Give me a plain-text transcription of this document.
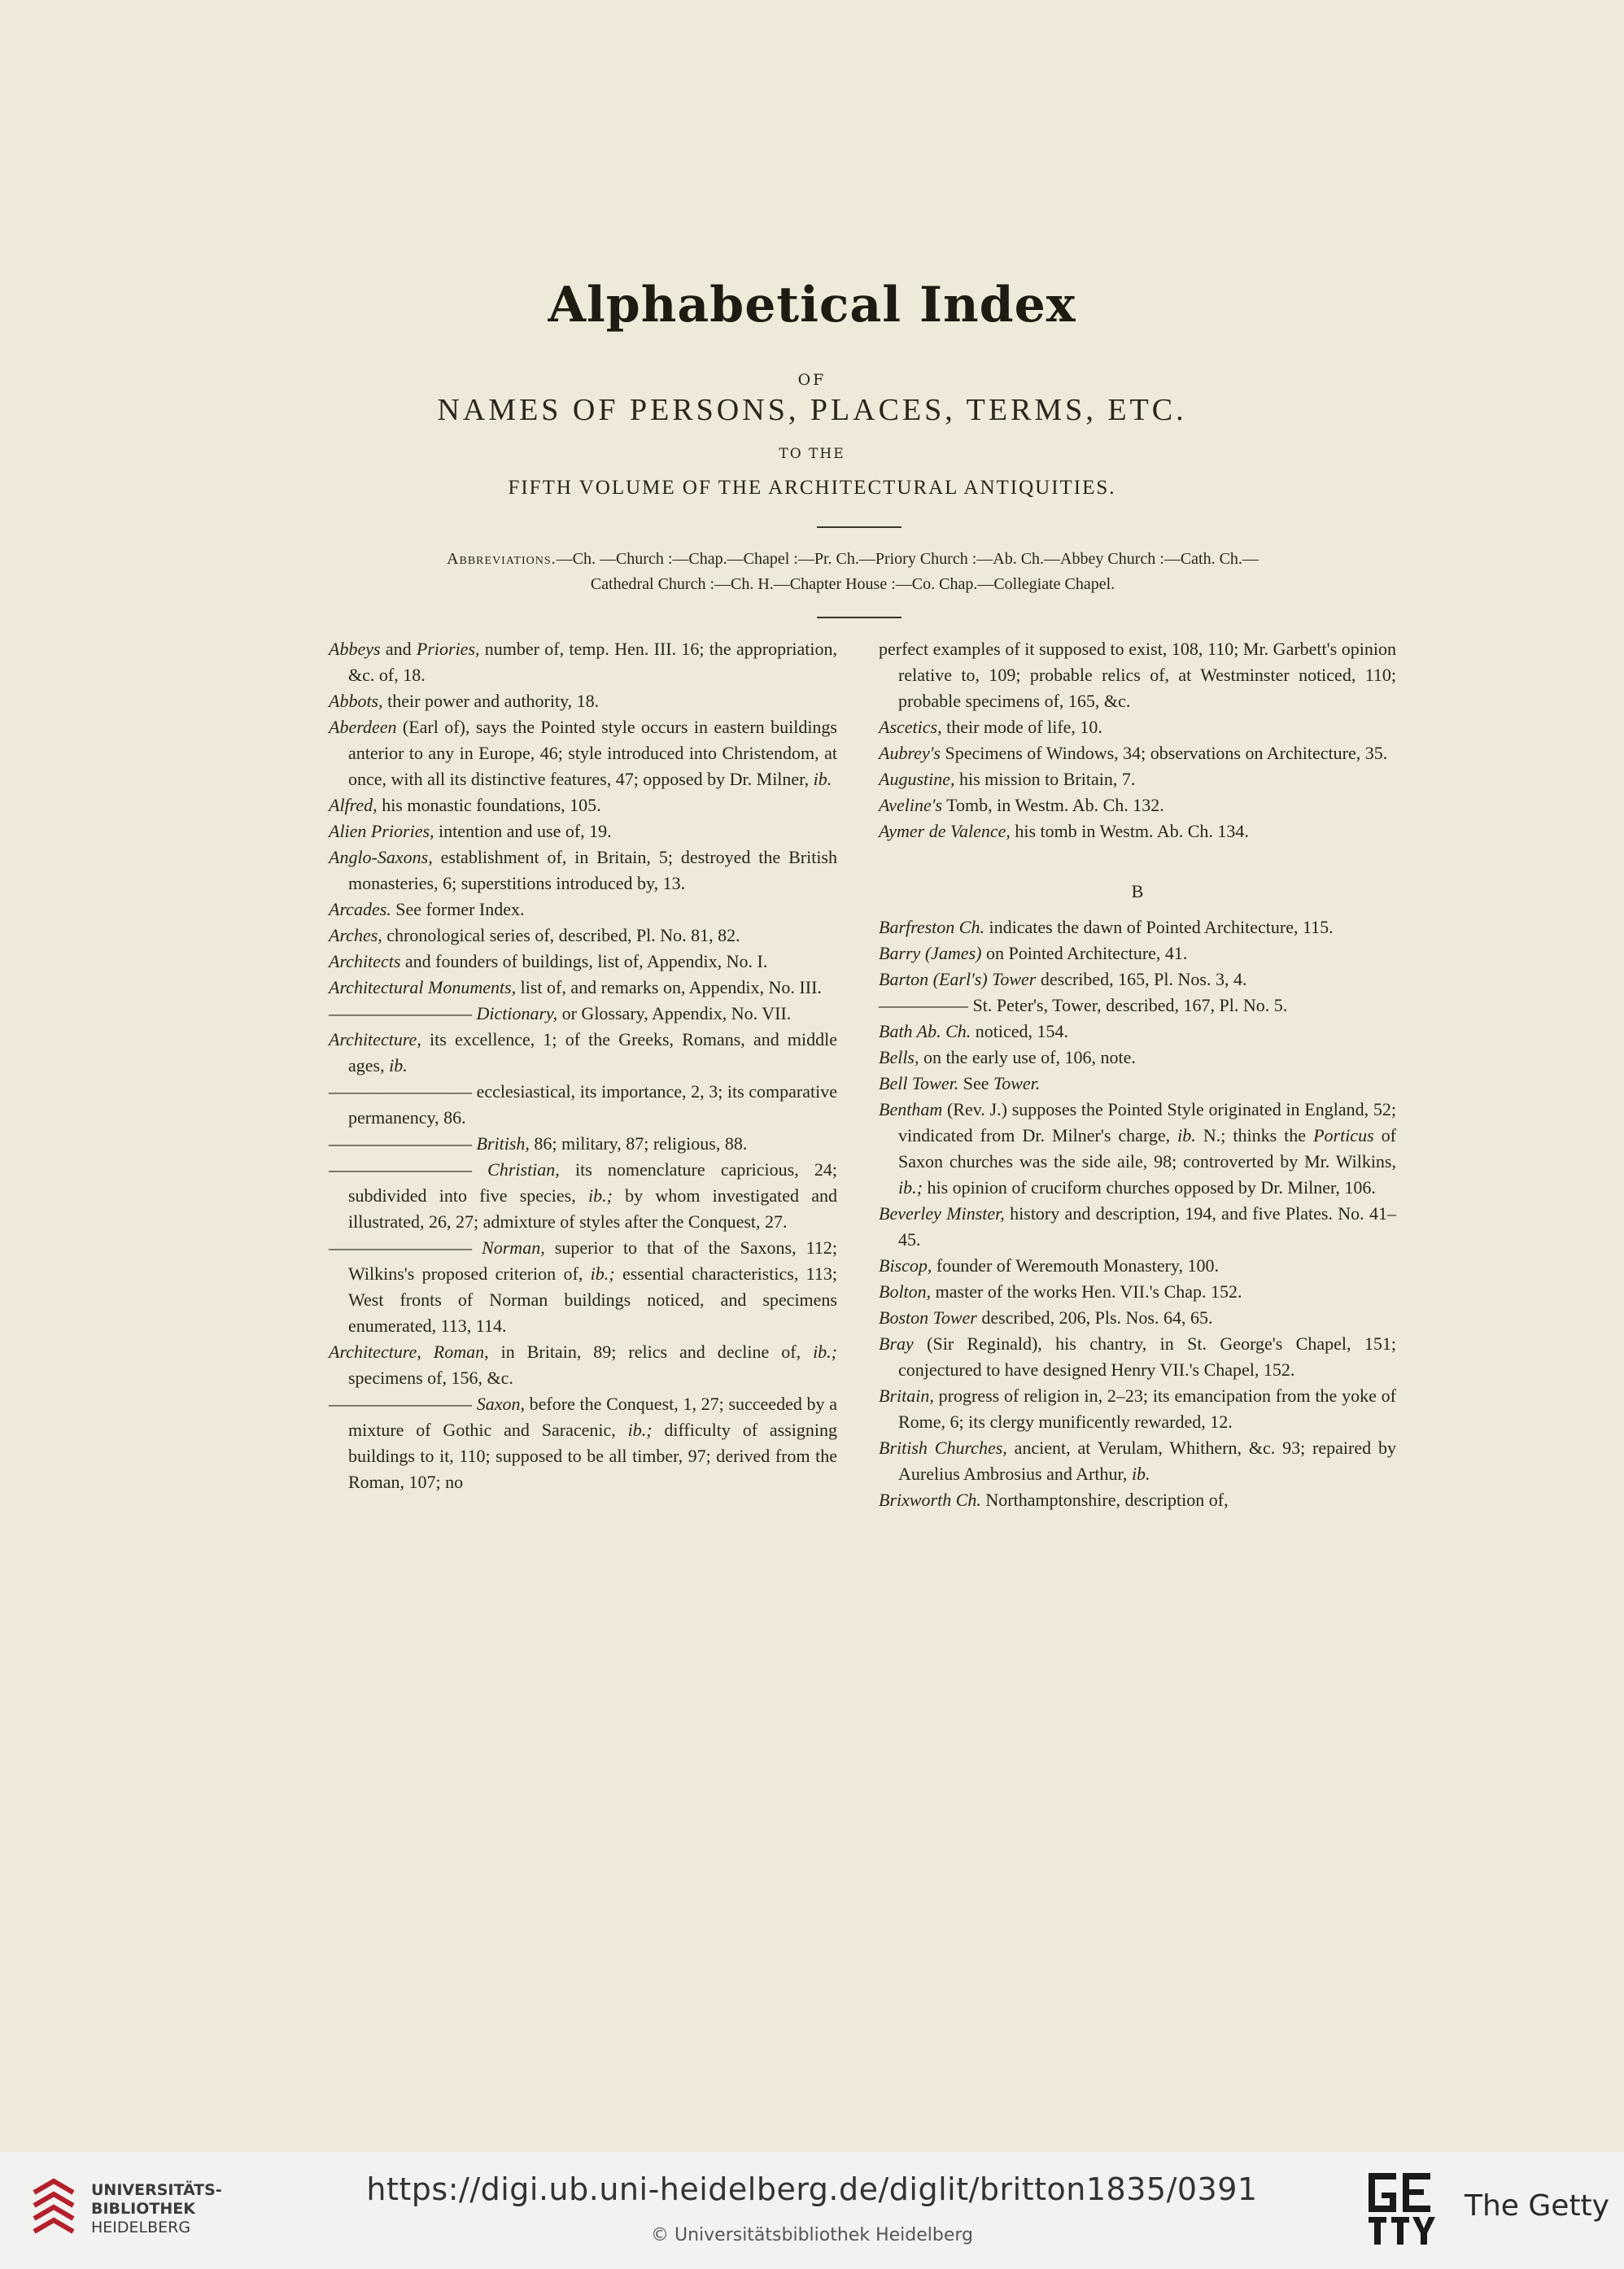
Alphabetical Index
OF
NAMES OF PERSONS, PLACES, TERMS, ETC.
TO THE
FIFTH VOLUME OF THE ARCHITECTURAL ANTIQUITIES.
Abbreviations.—Ch. —Church :—Chap.—Chapel :—Pr. Ch.—Priory Church :—Ab. Ch.—Abbey Church :—Cath. Ch.—
Cathedral Church :—Ch. H.—Chapter House :—Co. Chap.—Collegiate Chapel.

Abbeys and Priories, number of, temp. Hen. III. 16; the appropriation, &c. of, 18.

Abbots, their power and authority, 18.

Aberdeen (Earl of), says the Pointed style occurs in eastern buildings anterior to any in Europe, 46; style introduced into Christendom, at once, with all its distinctive features, 47; opposed by Dr. Milner, ib.

Alfred, his monastic foundations, 105.

Alien Priories, intention and use of, 19.

Anglo-Saxons, establishment of, in Britain, 5; destroyed the British monasteries, 6; superstitions introduced by, 13.

Arcades. See former Index.

Arches, chronological series of, described, Pl. No. 81, 82.

Architects and founders of buildings, list of, Appendix, No. I.

Architectural Monuments, list of, and remarks on, Appendix, No. III.

———————— Dictionary, or Glossary, Appendix, No. VII.

Architecture, its excellence, 1; of the Greeks, Romans, and middle ages, ib.

———————— ecclesiastical, its importance, 2, 3; its comparative permanency, 86.

———————— British, 86; military, 87; religious, 88.

———————— Christian, its nomenclature capricious, 24; subdivided into five species, ib.; by whom investigated and illustrated, 26, 27; admixture of styles after the Conquest, 27.

———————— Norman, superior to that of the Saxons, 112; Wilkins's proposed criterion of, ib.; essential characteristics, 113; West fronts of Norman buildings noticed, and specimens enumerated, 113, 114.

Architecture, Roman, in Britain, 89; relics and decline of, ib.; specimens of, 156, &c.

———————— Saxon, before the Conquest, 1, 27; succeeded by a mixture of Gothic and Saracenic, ib.; difficulty of assigning buildings to it, 110; supposed to be all timber, 97; derived from the Roman, 107; no

perfect examples of it supposed to exist, 108, 110; Mr. Garbett's opinion relative to, 109; probable relics of, at Westminster noticed, 110; probable specimens of, 165, &c.

Ascetics, their mode of life, 10.

Aubrey's Specimens of Windows, 34; observations on Architecture, 35.

Augustine, his mission to Britain, 7.

Aveline's Tomb, in Westm. Ab. Ch. 132.

Aymer de Valence, his tomb in Westm. Ab. Ch. 134.

B

Barfreston Ch. indicates the dawn of Pointed Architecture, 115.

Barry (James) on Pointed Architecture, 41.

Barton (Earl's) Tower described, 165, Pl. Nos. 3, 4.

————— St. Peter's, Tower, described, 167, Pl. No. 5.

Bath Ab. Ch. noticed, 154.

Bells, on the early use of, 106, note.

Bell Tower. See Tower.

Bentham (Rev. J.) supposes the Pointed Style originated in England, 52; vindicated from Dr. Milner's charge, ib. N.; thinks the Porticus of Saxon churches was the side aile, 98; controverted by Mr. Wilkins, ib.; his opinion of cruciform churches opposed by Dr. Milner, 106.

Beverley Minster, history and description, 194, and five Plates. No. 41–45.

Biscop, founder of Weremouth Monastery, 100.

Bolton, master of the works Hen. VII.'s Chap. 152.

Boston Tower described, 206, Pls. Nos. 64, 65.

Bray (Sir Reginald), his chantry, in St. George's Chapel, 151; conjectured to have designed Henry VII.'s Chapel, 152.

Britain, progress of religion in, 2–23; its emancipation from the yoke of Rome, 6; its clergy munificently rewarded, 12.

British Churches, ancient, at Verulam, Whithern, &c. 93; repaired by Aurelius Ambrosius and Arthur, ib.

Brixworth Ch. Northamptonshire, description of,

UNIVERSITÄTS-
BIBLIOTHEK
HEIDELBERG
https://digi.ub.uni-heidelberg.de/diglit/britton1835/0391
© Universitätsbibliothek Heidelberg
The Getty
